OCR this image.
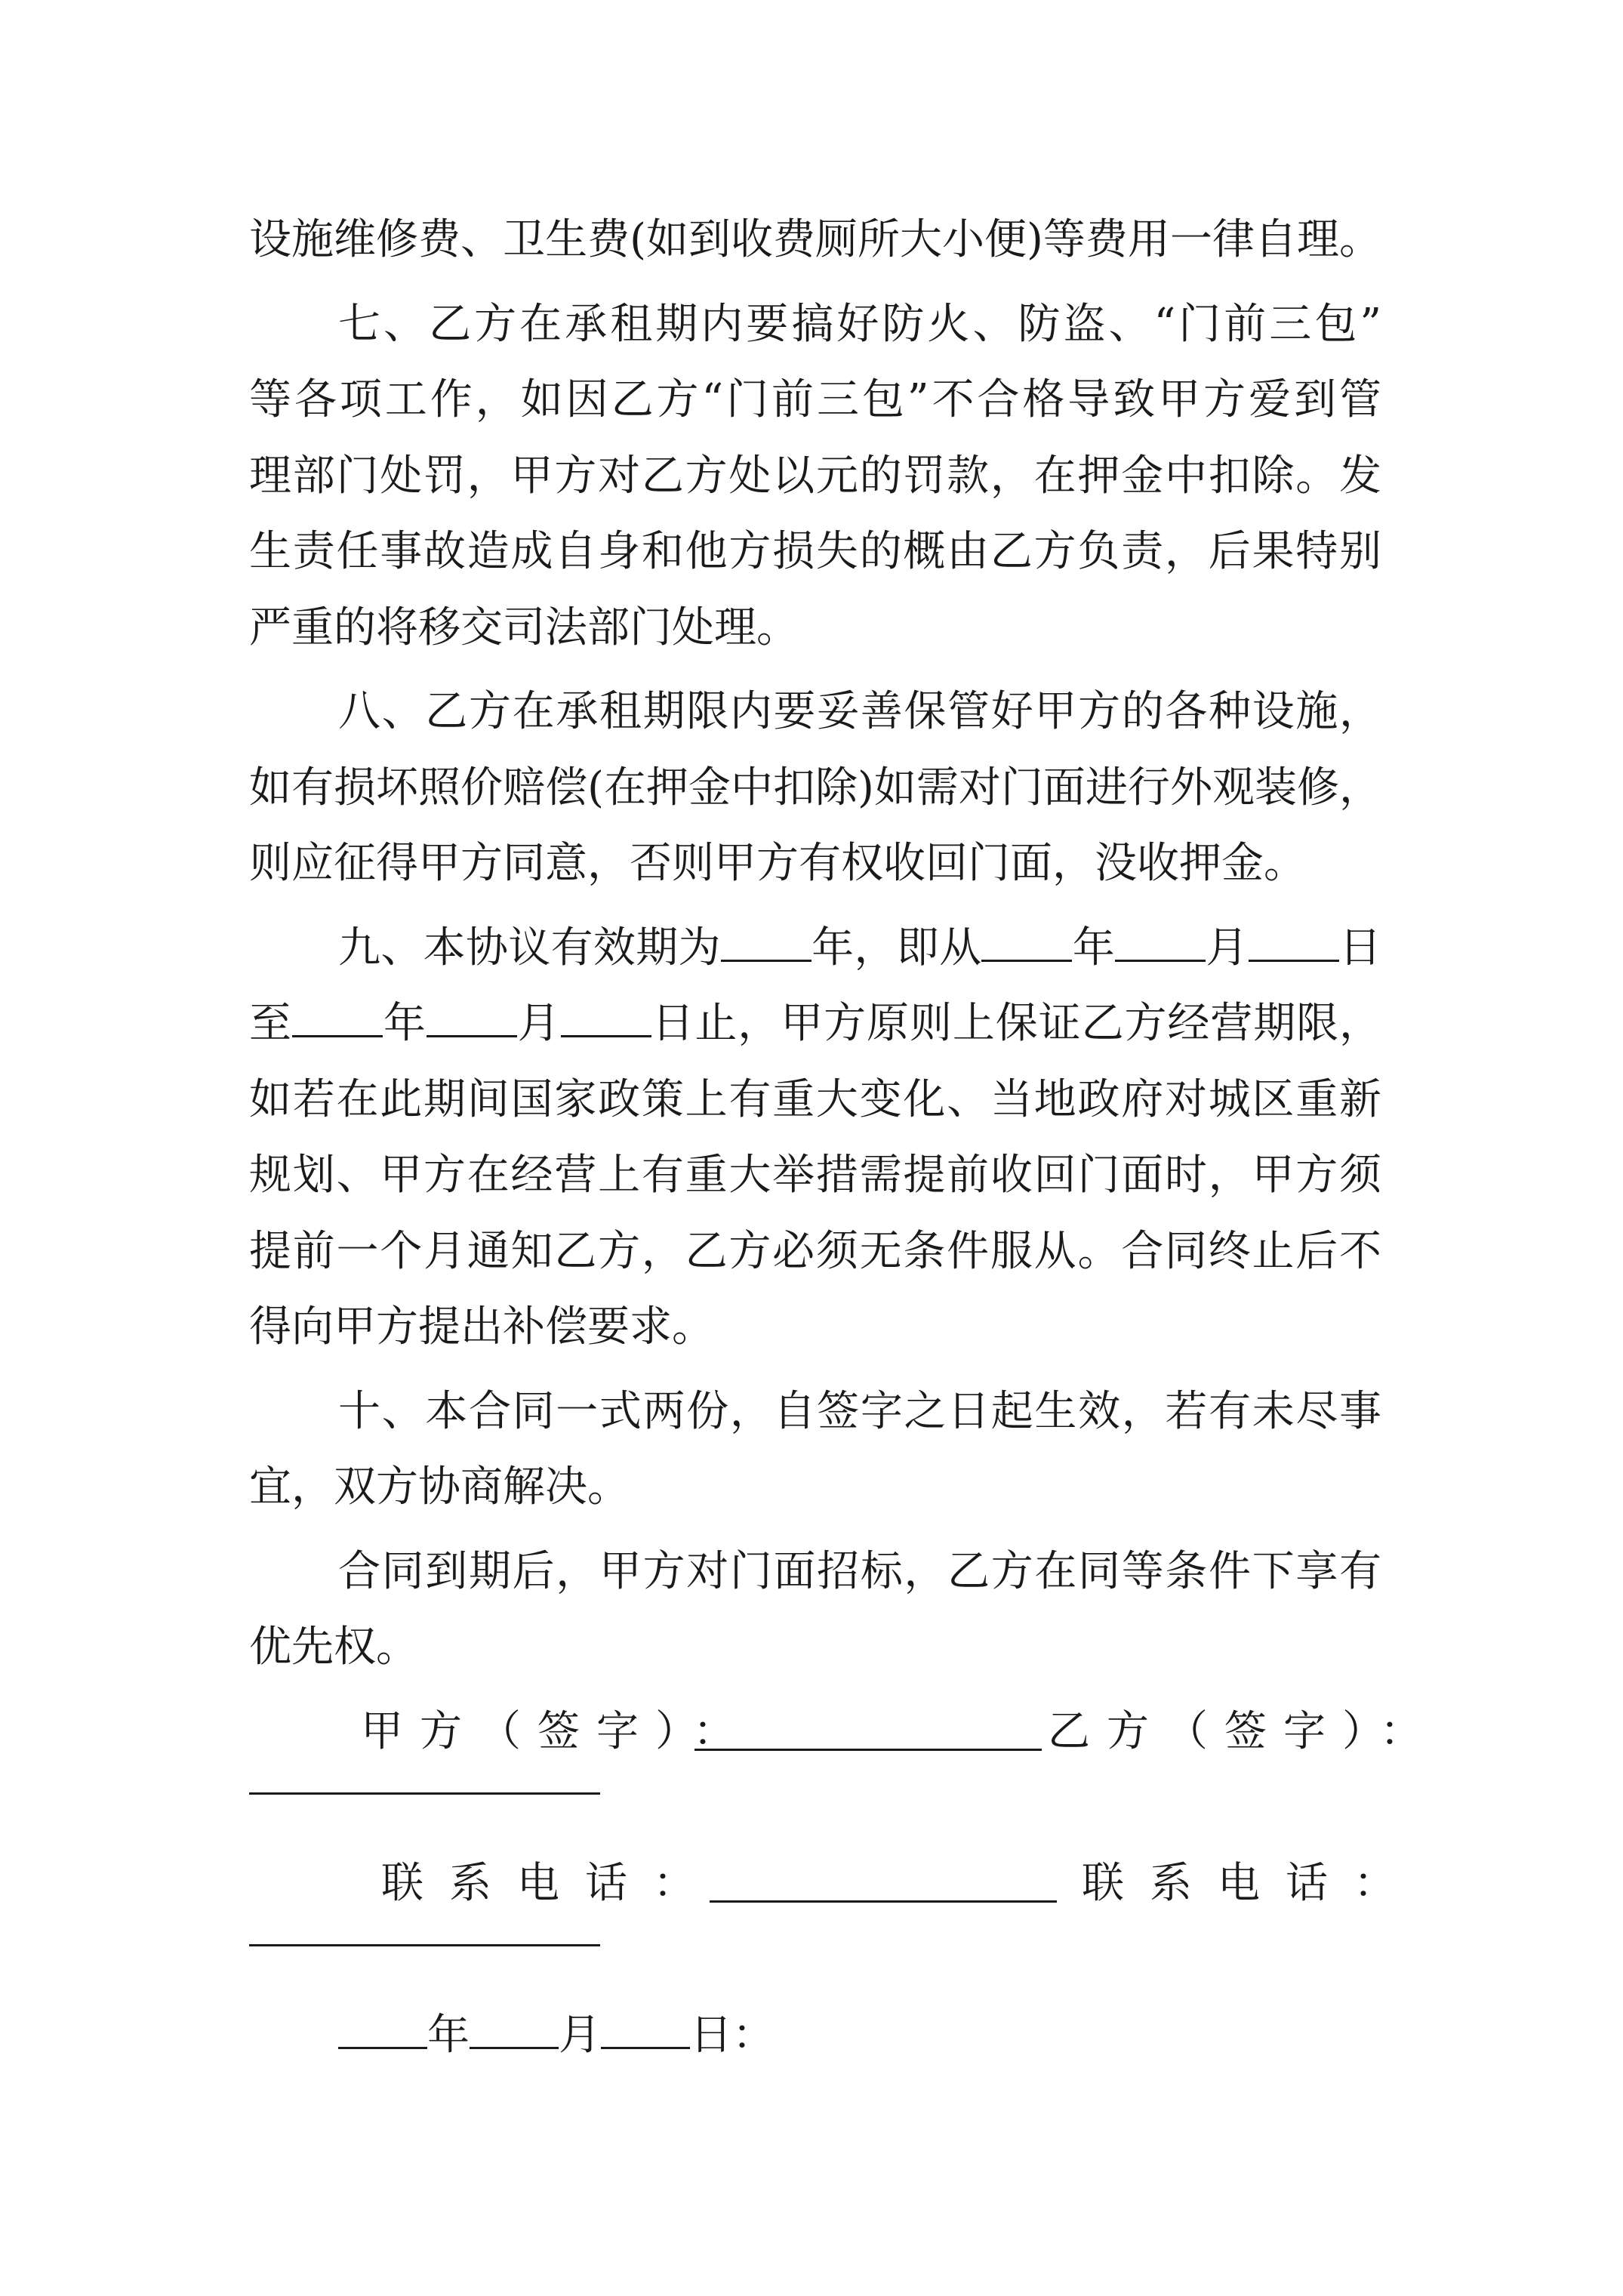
设施维修费、卫生费(如到收费厕所大小便)等费用一律自理。
七、乙方在承租期内要搞好防火、防盗、“门前三包”
等各项工作，如因乙方“门前三包”不合格导致甲方爱到管
理部门处罚，甲方对乙方处以元的罚款，在押金中扣除。发
生责任事故造成自身和他方损失的概由乙方负责，后果特别
严重的将移交司法部门处理。
八、乙方在承租期限内要妥善保管好甲方的各种设施，
如有损坏照价赔偿(在押金中扣除)如需对门面进行外观装修，
则应征得甲方同意，否则甲方有权收回门面，没收押金。
九、本协议有效期为 年，即从 年 月 日
至 年 月 日止，甲方原则上保证乙方经营期限，
如若在此期间国家政策上有重大变化、当地政府对城区重新
规划、甲方在经营上有重大举措需提前收回门面时，甲方须
提前一个月通知乙方，乙方必须无条件服从。合同终止后不
得向甲方提出补偿要求。
十、本合同一式两份，自签字之日起生效，若有未尽事
宜，双方协商解决。
合同到期后，甲方对门面招标，乙方在同等条件下享有
优先权。
甲方（签字）：	乙方（签字）：
联系电话：	联系电话：
年 月 日：
